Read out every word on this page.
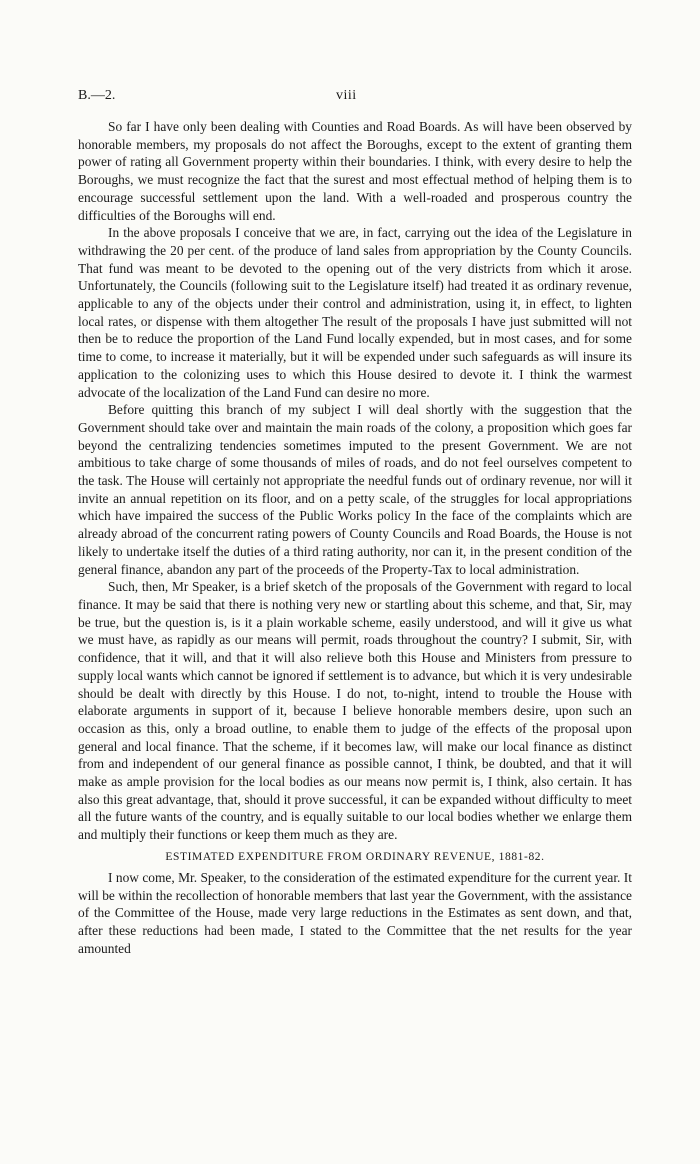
B.—2.	viii

So far I have only been dealing with Counties and Road Boards. As will have been observed by honorable members, my proposals do not affect the Boroughs, except to the extent of granting them power of rating all Government property within their boundaries. I think, with every desire to help the Boroughs, we must recognize the fact that the surest and most effectual method of helping them is to encourage successful settlement upon the land. With a well-roaded and prosperous country the difficulties of the Boroughs will end.

In the above proposals I conceive that we are, in fact, carrying out the idea of the Legislature in withdrawing the 20 per cent. of the produce of land sales from appropriation by the County Councils. That fund was meant to be devoted to the opening out of the very districts from which it arose. Unfortunately, the Councils (following suit to the Legislature itself) had treated it as ordinary revenue, applicable to any of the objects under their control and administration, using it, in effect, to lighten local rates, or dispense with them altogether The result of the proposals I have just submitted will not then be to reduce the proportion of the Land Fund locally expended, but in most cases, and for some time to come, to increase it materially, but it will be expended under such safeguards as will insure its application to the colonizing uses to which this House desired to devote it. I think the warmest advocate of the localization of the Land Fund can desire no more.

Before quitting this branch of my subject I will deal shortly with the suggestion that the Government should take over and maintain the main roads of the colony, a proposition which goes far beyond the centralizing tendencies sometimes imputed to the present Government. We are not ambitious to take charge of some thousands of miles of roads, and do not feel ourselves competent to the task. The House will certainly not appropriate the needful funds out of ordinary revenue, nor will it invite an annual repetition on its floor, and on a petty scale, of the struggles for local appropriations which have impaired the success of the Public Works policy In the face of the complaints which are already abroad of the concurrent rating powers of County Councils and Road Boards, the House is not likely to undertake itself the duties of a third rating authority, nor can it, in the present condition of the general finance, abandon any part of the proceeds of the Property-Tax to local administration.

Such, then, Mr Speaker, is a brief sketch of the proposals of the Government with regard to local finance. It may be said that there is nothing very new or startling about this scheme, and that, Sir, may be true, but the question is, is it a plain workable scheme, easily understood, and will it give us what we must have, as rapidly as our means will permit, roads throughout the country? I submit, Sir, with confidence, that it will, and that it will also relieve both this House and Ministers from pressure to supply local wants which cannot be ignored if settlement is to advance, but which it is very undesirable should be dealt with directly by this House. I do not, to-night, intend to trouble the House with elaborate arguments in support of it, because I believe honorable members desire, upon such an occasion as this, only a broad outline, to enable them to judge of the effects of the proposal upon general and local finance. That the scheme, if it becomes law, will make our local finance as distinct from and independent of our general finance as possible cannot, I think, be doubted, and that it will make as ample provision for the local bodies as our means now permit is, I think, also certain. It has also this great advantage, that, should it prove successful, it can be expanded without difficulty to meet all the future wants of the country, and is equally suitable to our local bodies whether we enlarge them and multiply their functions or keep them much as they are.

ESTIMATED EXPENDITURE FROM ORDINARY REVENUE, 1881-82.

I now come, Mr. Speaker, to the consideration of the estimated expenditure for the current year. It will be within the recollection of honorable members that last year the Government, with the assistance of the Committee of the House, made very large reductions in the Estimates as sent down, and that, after these reductions had been made, I stated to the Committee that the net results for the year amounted
